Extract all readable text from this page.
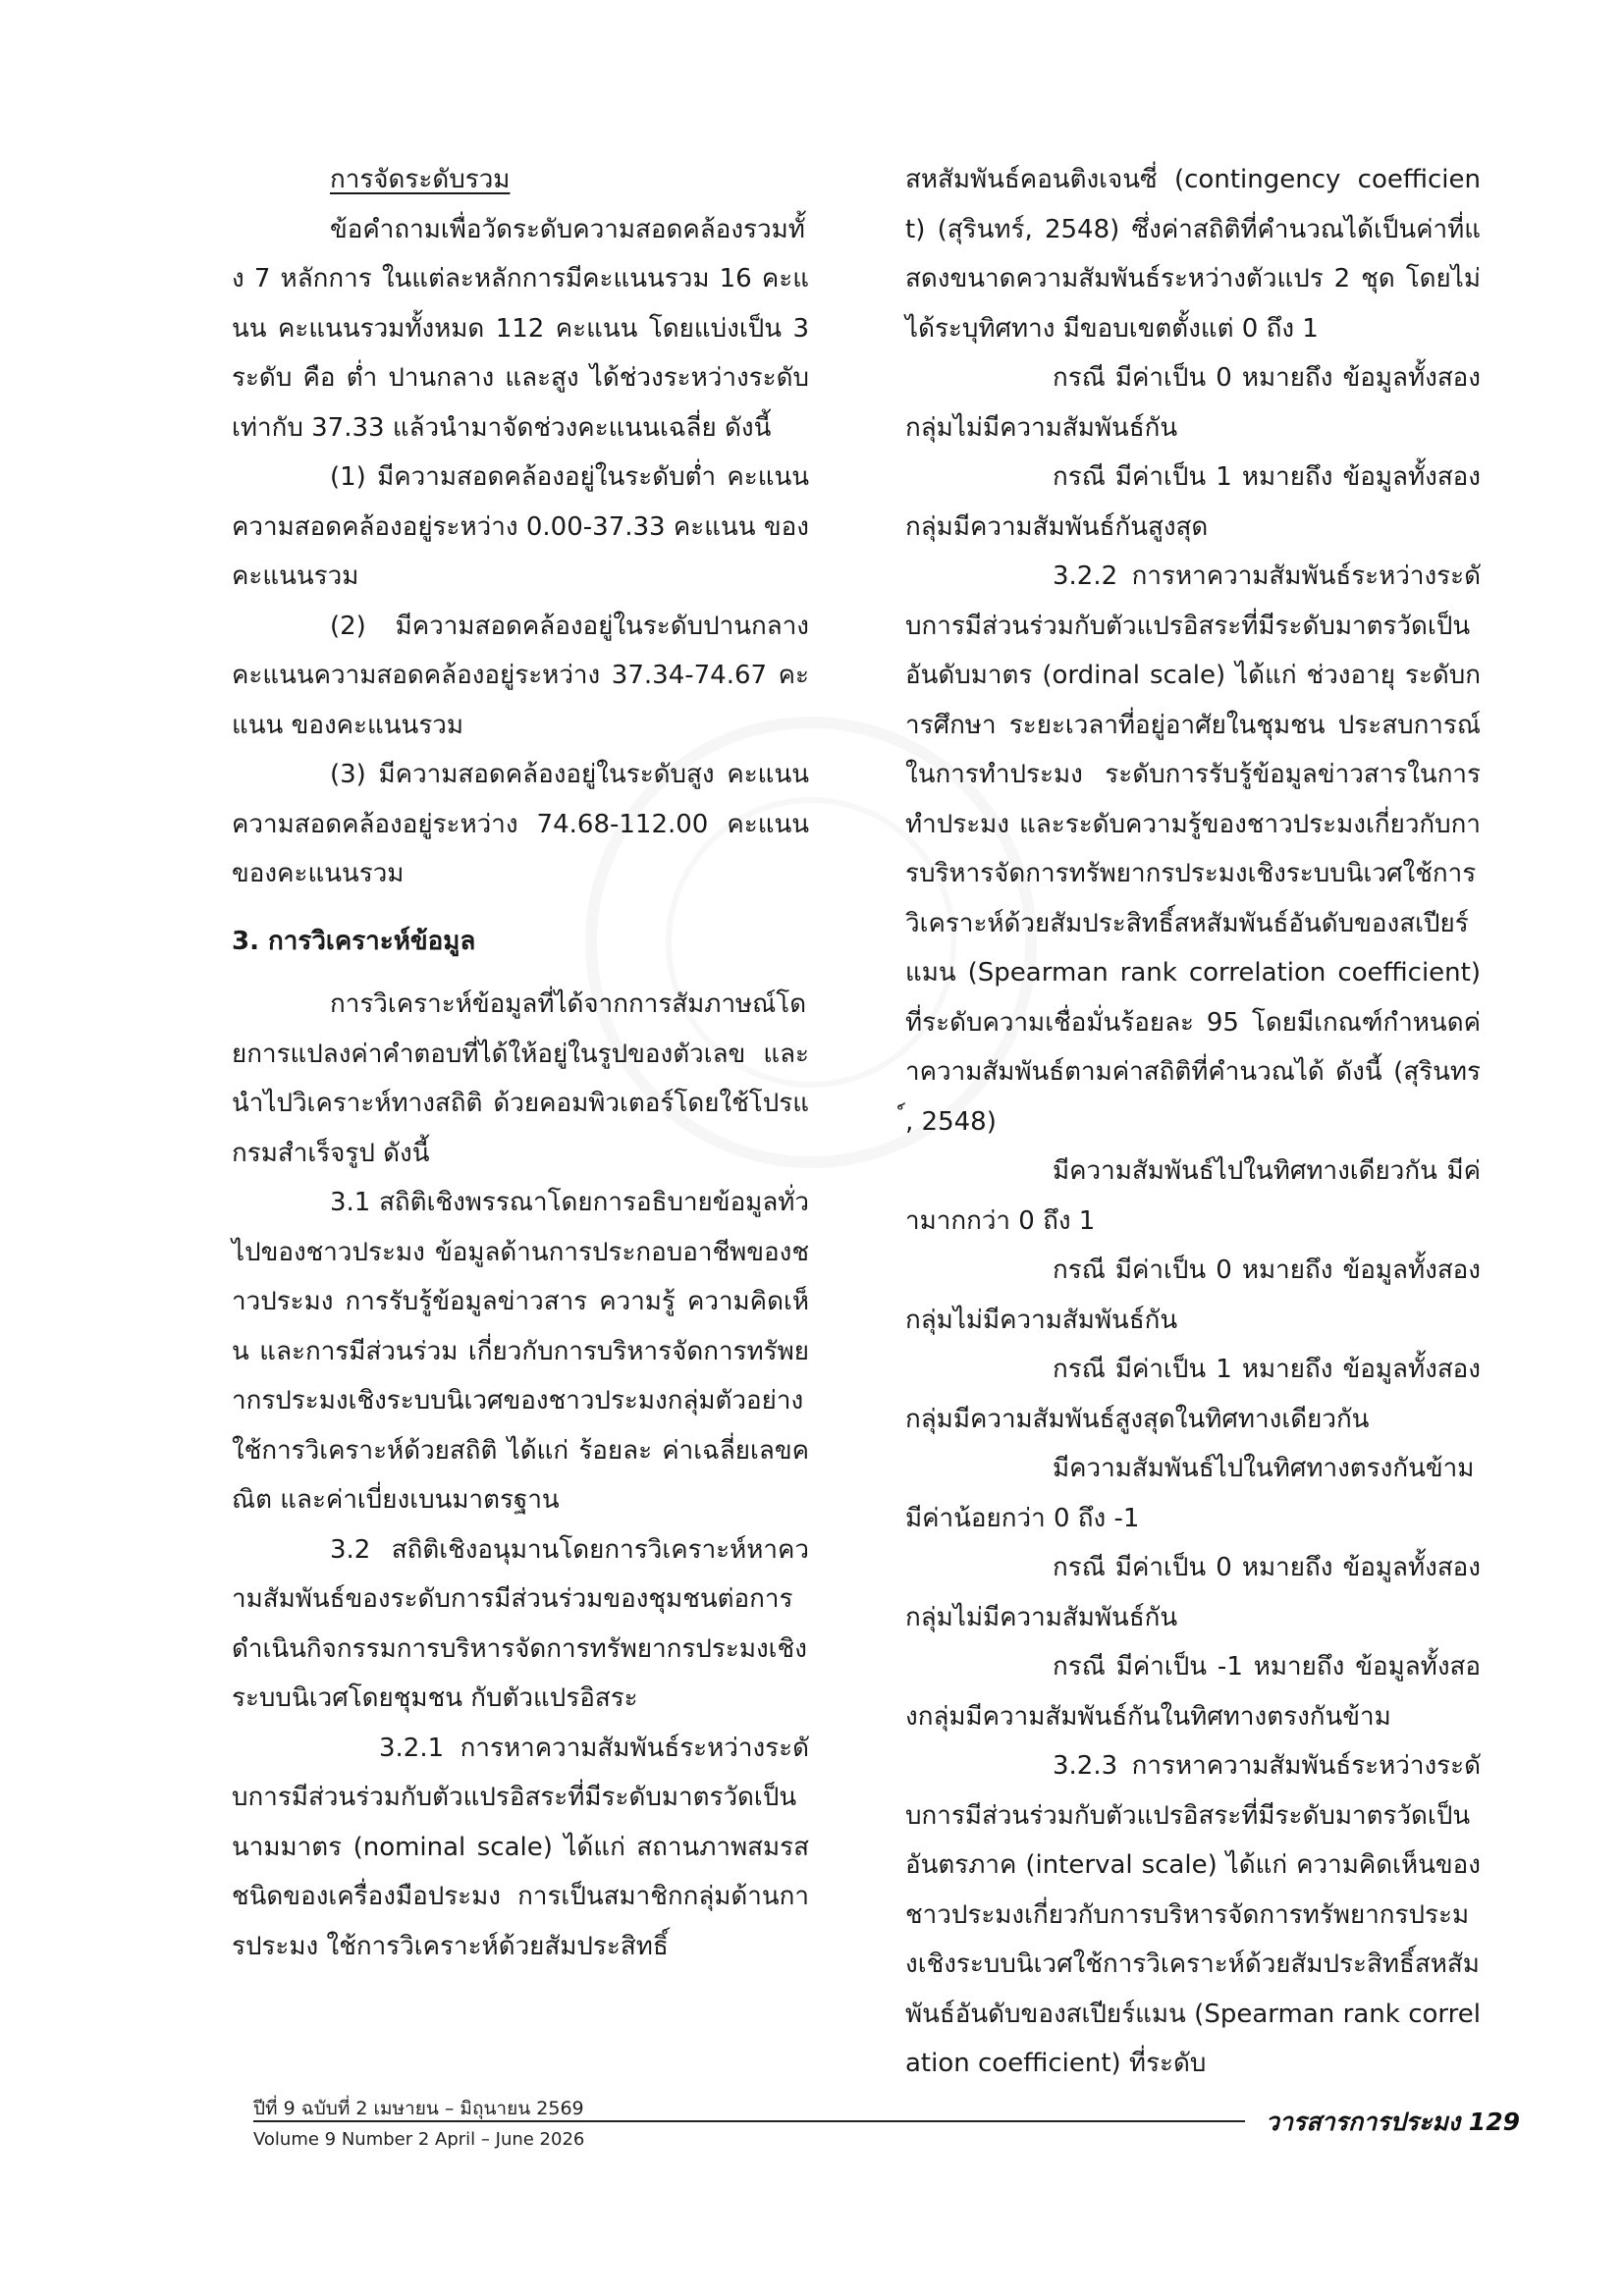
การจัดระดับรวม

ข้อคำถามเพื่อวัดระดับความสอดคล้องรวมทั้ง 7 หลักการ ในแต่ละหลักการมีคะแนนรวม 16 คะแนน คะแนนรวมทั้งหมด 112 คะแนน โดยแบ่งเป็น 3 ระดับ คือ ต่ำ ปานกลาง และสูง ได้ช่วงระหว่างระดับ เท่ากับ 37.33 แล้วนำมาจัดช่วงคะแนนเฉลี่ย ดังนี้

(1) มีความสอดคล้องอยู่ในระดับต่ำ คะแนนความสอดคล้องอยู่ระหว่าง 0.00-37.33 คะแนน ของคะแนนรวม

(2) มีความสอดคล้องอยู่ในระดับปานกลาง คะแนนความสอดคล้องอยู่ระหว่าง 37.34-74.67 คะแนน ของคะแนนรวม

(3) มีความสอดคล้องอยู่ในระดับสูง คะแนนความสอดคล้องอยู่ระหว่าง 74.68-112.00 คะแนน ของคะแนนรวม

3. การวิเคราะห์ข้อมูล

การวิเคราะห์ข้อมูลที่ได้จากการสัมภาษณ์โดยการแปลงค่าคำตอบที่ได้ให้อยู่ในรูปของตัวเลข และนำไปวิเคราะห์ทางสถิติ ด้วยคอมพิวเตอร์โดยใช้โปรแกรมสำเร็จรูป ดังนี้

3.1 สถิติเชิงพรรณาโดยการอธิบายข้อมูลทั่วไปของชาวประมง ข้อมูลด้านการประกอบอาชีพของชาวประมง การรับรู้ข้อมูลข่าวสาร ความรู้ ความคิดเห็น และการมีส่วนร่วม เกี่ยวกับการบริหารจัดการทรัพยากรประมงเชิงระบบนิเวศของชาวประมงกลุ่มตัวอย่าง ใช้การวิเคราะห์ด้วยสถิติ ได้แก่ ร้อยละ ค่าเฉลี่ยเลขคณิต และค่าเบี่ยงเบนมาตรฐาน

3.2 สถิติเชิงอนุมานโดยการวิเคราะห์หาความสัมพันธ์ของระดับการมีส่วนร่วมของชุมชนต่อการดำเนินกิจกรรมการบริหารจัดการทรัพยากรประมงเชิงระบบนิเวศโดยชุมชน กับตัวแปรอิสระ

3.2.1 การหาความสัมพันธ์ระหว่างระดับการมีส่วนร่วมกับตัวแปรอิสระที่มีระดับมาตรวัดเป็นนามมาตร (nominal scale) ได้แก่ สถานภาพสมรส ชนิดของเครื่องมือประมง การเป็นสมาชิกกลุ่มด้านการประมง ใช้การวิเคราะห์ด้วยสัมประสิทธิ์

สหสัมพันธ์คอนติงเจนซี่ (contingency coefficient) (สุรินทร์, 2548) ซึ่งค่าสถิติที่คำนวณได้เป็นค่าที่แสดงขนาดความสัมพันธ์ระหว่างตัวแปร 2 ชุด โดยไม่ได้ระบุทิศทาง มีขอบเขตตั้งแต่ 0 ถึง 1

กรณี มีค่าเป็น 0 หมายถึง ข้อมูลทั้งสองกลุ่มไม่มีความสัมพันธ์กัน

กรณี มีค่าเป็น 1 หมายถึง ข้อมูลทั้งสองกลุ่มมีความสัมพันธ์กันสูงสุด

3.2.2 การหาความสัมพันธ์ระหว่างระดับการมีส่วนร่วมกับตัวแปรอิสระที่มีระดับมาตรวัดเป็นอันดับมาตร (ordinal scale) ได้แก่ ช่วงอายุ ระดับการศึกษา ระยะเวลาที่อยู่อาศัยในชุมชน ประสบการณ์ในการทำประมง ระดับการรับรู้ข้อมูลข่าวสารในการทำประมง และระดับความรู้ของชาวประมงเกี่ยวกับการบริหารจัดการทรัพยากรประมงเชิงระบบนิเวศใช้การวิเคราะห์ด้วยสัมประสิทธิ์สหสัมพันธ์อันดับของสเปียร์แมน (Spearman rank correlation coefficient) ที่ระดับความเชื่อมั่นร้อยละ 95 โดยมีเกณฑ์กำหนดค่าความสัมพันธ์ตามค่าสถิติที่คำนวณได้ ดังนี้ (สุรินทร์, 2548)

มีความสัมพันธ์ไปในทิศทางเดียวกัน มีค่ามากกว่า 0 ถึง 1

กรณี มีค่าเป็น 0 หมายถึง ข้อมูลทั้งสองกลุ่มไม่มีความสัมพันธ์กัน

กรณี มีค่าเป็น 1 หมายถึง ข้อมูลทั้งสองกลุ่มมีความสัมพันธ์สูงสุดในทิศทางเดียวกัน

มีความสัมพันธ์ไปในทิศทางตรงกันข้าม มีค่าน้อยกว่า 0 ถึง -1

กรณี มีค่าเป็น 0 หมายถึง ข้อมูลทั้งสองกลุ่มไม่มีความสัมพันธ์กัน

กรณี มีค่าเป็น -1 หมายถึง ข้อมูลทั้งสองกลุ่มมีความสัมพันธ์กันในทิศทางตรงกันข้าม

3.2.3 การหาความสัมพันธ์ระหว่างระดับการมีส่วนร่วมกับตัวแปรอิสระที่มีระดับมาตรวัดเป็นอันตรภาค (interval scale) ได้แก่ ความคิดเห็นของชาวประมงเกี่ยวกับการบริหารจัดการทรัพยากรประมงเชิงระบบนิเวศใช้การวิเคราะห์ด้วยสัมประสิทธิ์สหสัมพันธ์อันดับของสเปียร์แมน (Spearman rank correlation coefficient) ที่ระดับ

ปีที่ 9 ฉบับที่ 2 เมษายน – มิถุนายน 2569	วารสารการประมง 129
Volume 9 Number 2 April – June 2026
